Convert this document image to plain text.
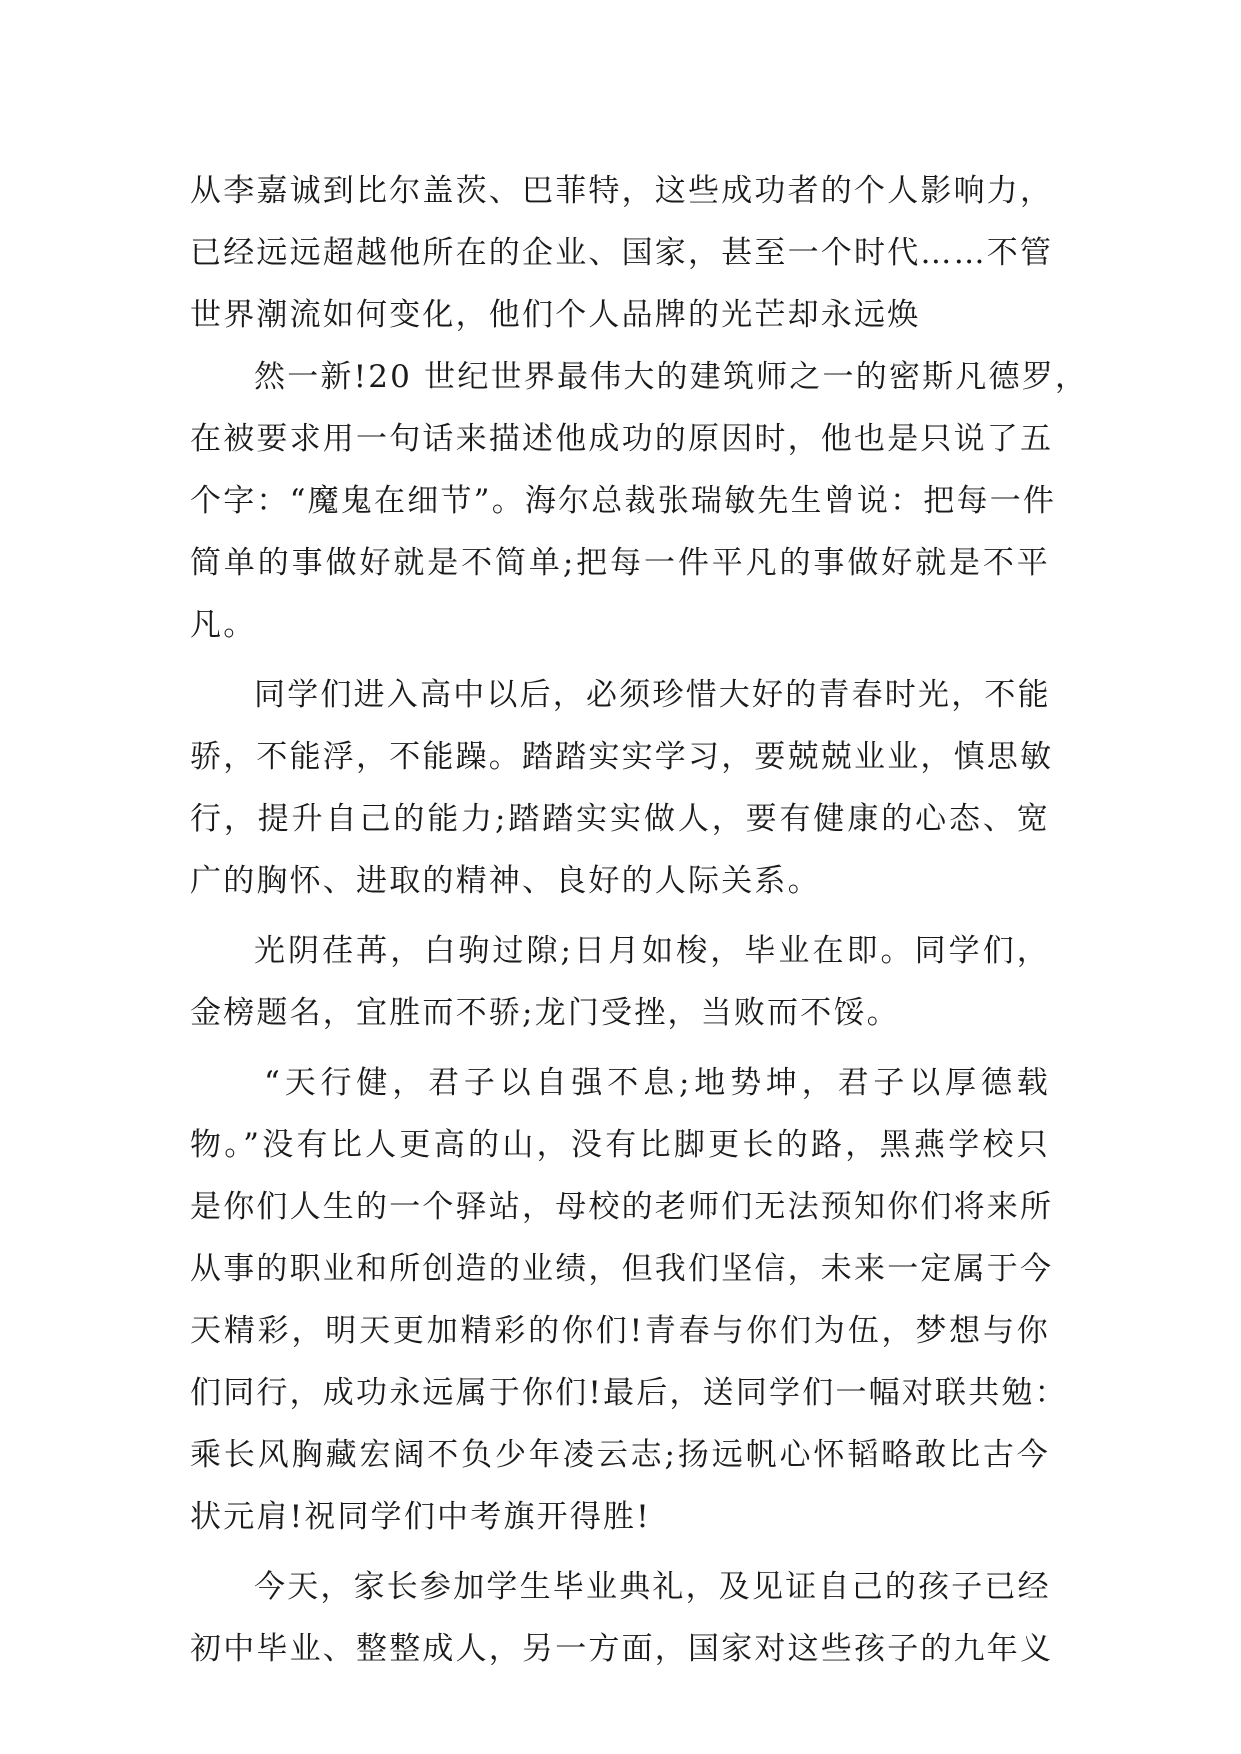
从李嘉诚到比尔盖茨、巴菲特，这些成功者的个人影响力，
已经远远超越他所在的企业、国家，甚至一个时代……不管
世界潮流如何变化，他们个人品牌的光芒却永远焕
然一新!20 世纪世界最伟大的建筑师之一的密斯凡德罗，
在被要求用一句话来描述他成功的原因时，他也是只说了五
个字：“魔鬼在细节”。海尔总裁张瑞敏先生曾说：把每一件
简单的事做好就是不简单;把每一件平凡的事做好就是不平
凡。
同学们进入高中以后，必须珍惜大好的青春时光，不能
骄，不能浮，不能躁。踏踏实实学习，要兢兢业业，慎思敏
行，提升自己的能力;踏踏实实做人，要有健康的心态、宽
广的胸怀、进取的精神、良好的人际关系。
光阴荏苒，白驹过隙;日月如梭，毕业在即。同学们，
金榜题名，宜胜而不骄;龙门受挫，当败而不馁。
“天行健，君子以自强不息;地势坤，君子以厚德载
物。”没有比人更高的山，没有比脚更长的路，黑燕学校只
是你们人生的一个驿站，母校的老师们无法预知你们将来所
从事的职业和所创造的业绩，但我们坚信，未来一定属于今
天精彩，明天更加精彩的你们!青春与你们为伍，梦想与你
们同行，成功永远属于你们!最后，送同学们一幅对联共勉：
乘长风胸藏宏阔不负少年凌云志;扬远帆心怀韬略敢比古今
状元肩!祝同学们中考旗开得胜!
今天，家长参加学生毕业典礼，及见证自己的孩子已经
初中毕业、整整成人，另一方面，国家对这些孩子的九年义
